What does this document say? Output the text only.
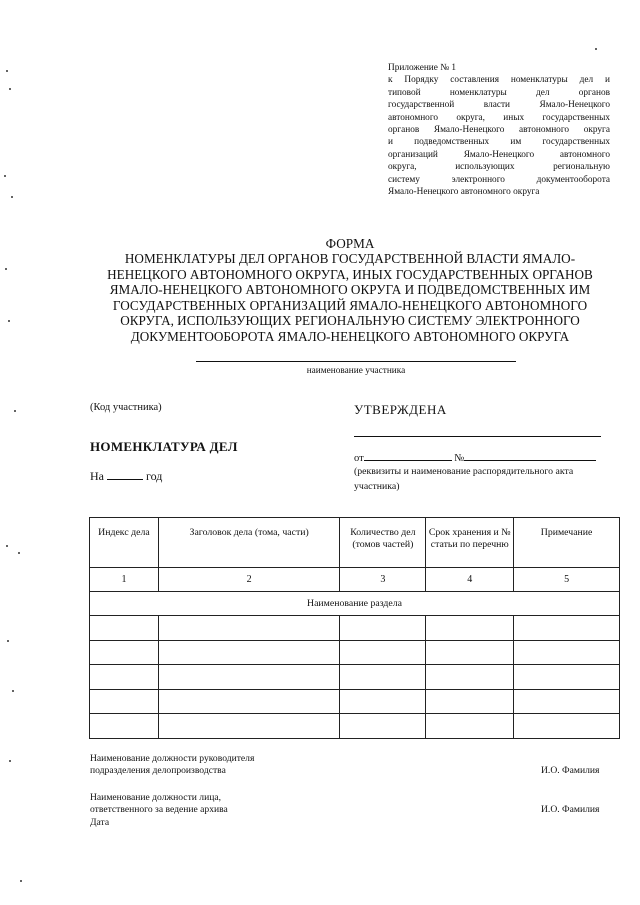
Приложение № 1
к Порядку составления номенклатуры дел и
типовой номенклатуры дел органов
государственной власти Ямало-Ненецкого
автономного округа, иных государственных
органов Ямало-Ненецкого автономного округа
и подведомственных им государственных
организаций Ямало-Ненецкого автономного
округа, использующих региональную
систему электронного документооборота
Ямало-Ненецкого автономного округа
ФОРМА
НОМЕНКЛАТУРЫ ДЕЛ ОРГАНОВ ГОСУДАРСТВЕННОЙ ВЛАСТИ ЯМАЛО-НЕНЕЦКОГО АВТОНОМНОГО ОКРУГА, ИНЫХ ГОСУДАРСТВЕННЫХ ОРГАНОВ ЯМАЛО-НЕНЕЦКОГО АВТОНОМНОГО ОКРУГА И ПОДВЕДОМСТВЕННЫХ ИМ ГОСУДАРСТВЕННЫХ ОРГАНИЗАЦИЙ ЯМАЛО-НЕНЕЦКОГО АВТОНОМНОГО ОКРУГА, ИСПОЛЬЗУЮЩИХ РЕГИОНАЛЬНУЮ СИСТЕМУ ЭЛЕКТРОННОГО ДОКУМЕНТООБОРОТА ЯМАЛО-НЕНЕЦКОГО АВТОНОМНОГО ОКРУГА
наименование участника
(Код участника)	УТВЕРЖДЕНА
НОМЕНКЛАТУРА ДЕЛ
от	№
(реквизиты и наименование распорядительного акта участника)
На	год
Индекс дела	Заголовок дела (тома, части)	Количество дел (томов частей)	Срок хранения и № статьи по перечню	Примечание
1	2	3	4	5
Наименование раздела				

Наименование должности руководителя
подразделения делопроизводства	И.О. Фамилия
Наименование должности лица,
ответственного за ведение архива
Дата
И.О. Фамилия
